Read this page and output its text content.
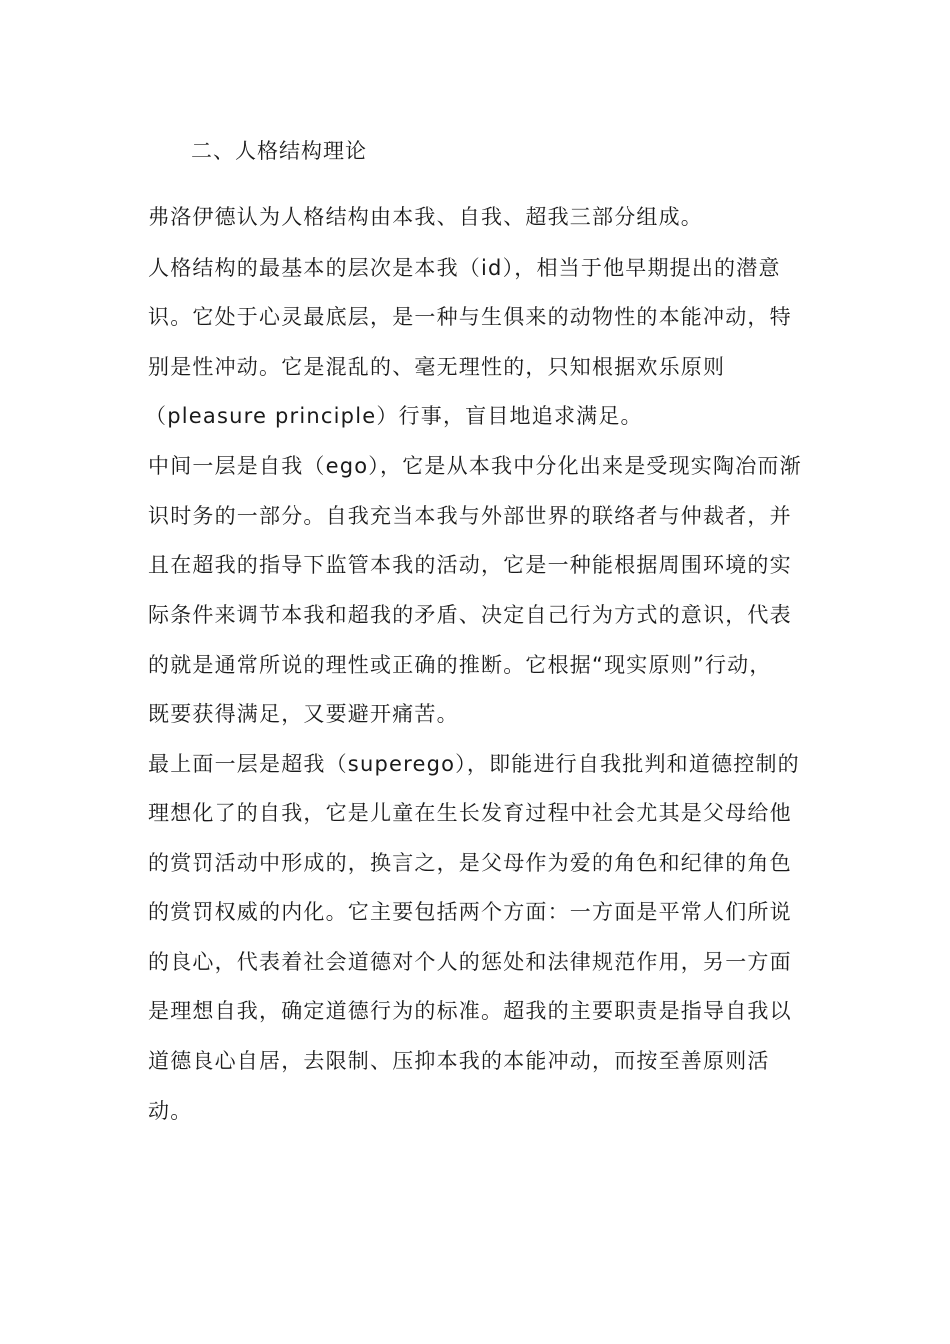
二、人格结构理论
弗洛伊德认为人格结构由本我、自我、超我三部分组成。
人格结构的最基本的层次是本我（id），相当于他早期提出的潜意
识。它处于心灵最底层，是一种与生俱来的动物性的本能冲动，特
别是性冲动。它是混乱的、毫无理性的，只知根据欢乐原则
（pleasure principle）行事，盲目地追求满足。
中间一层是自我（ego），它是从本我中分化出来是受现实陶冶而渐
识时务的一部分。自我充当本我与外部世界的联络者与仲裁者，并
且在超我的指导下监管本我的活动，它是一种能根据周围环境的实
际条件来调节本我和超我的矛盾、决定自己行为方式的意识，代表
的就是通常所说的理性或正确的推断。它根据“现实原则”行动，
既要获得满足，又要避开痛苦。
最上面一层是超我（superego），即能进行自我批判和道德控制的
理想化了的自我，它是儿童在生长发育过程中社会尤其是父母给他
的赏罚活动中形成的，换言之，是父母作为爱的角色和纪律的角色
的赏罚权威的内化。它主要包括两个方面：一方面是平常人们所说
的良心，代表着社会道德对个人的惩处和法律规范作用，另一方面
是理想自我，确定道德行为的标准。超我的主要职责是指导自我以
道德良心自居，去限制、压抑本我的本能冲动，而按至善原则活
动。
